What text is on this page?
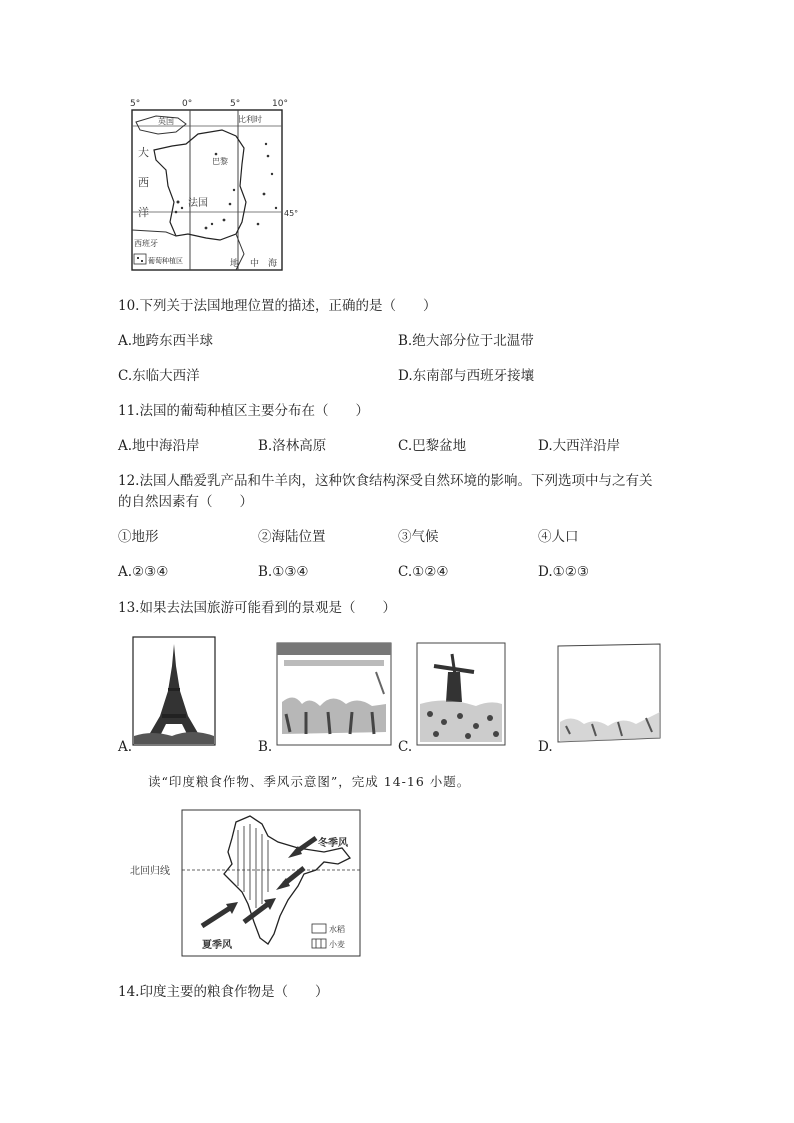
5°	0°	5°	10°
45°
英国	比利时
大
西
洋
巴黎
法国
西班牙
地 中 海
葡萄种植区
10.下列关于法国地理位置的描述，正确的是（　　）
A.地跨东西半球	B.绝大部分位于北温带
C.东临大西洋	D.东南部与西班牙接壤
11.法国的葡萄种植区主要分布在（　　）
A.地中海沿岸	B.洛林高原	C.巴黎盆地	D.大西洋沿岸
12.法国人酷爱乳产品和牛羊肉，这种饮食结构深受自然环境的影响。下列选项中与之有关
的自然因素有（　　）
①地形	②海陆位置	③气候	④人口
A.②③④	B.①③④	C.①②④	D.①②③
13.如果去法国旅游可能看到的景观是（　　）
A.	B.	C.	D.
读“印度粮食作物、季风示意图”，完成 14-16 小题。
北回归线
冬季风
夏季风
水稻
小麦
14.印度主要的粮食作物是（　　）
